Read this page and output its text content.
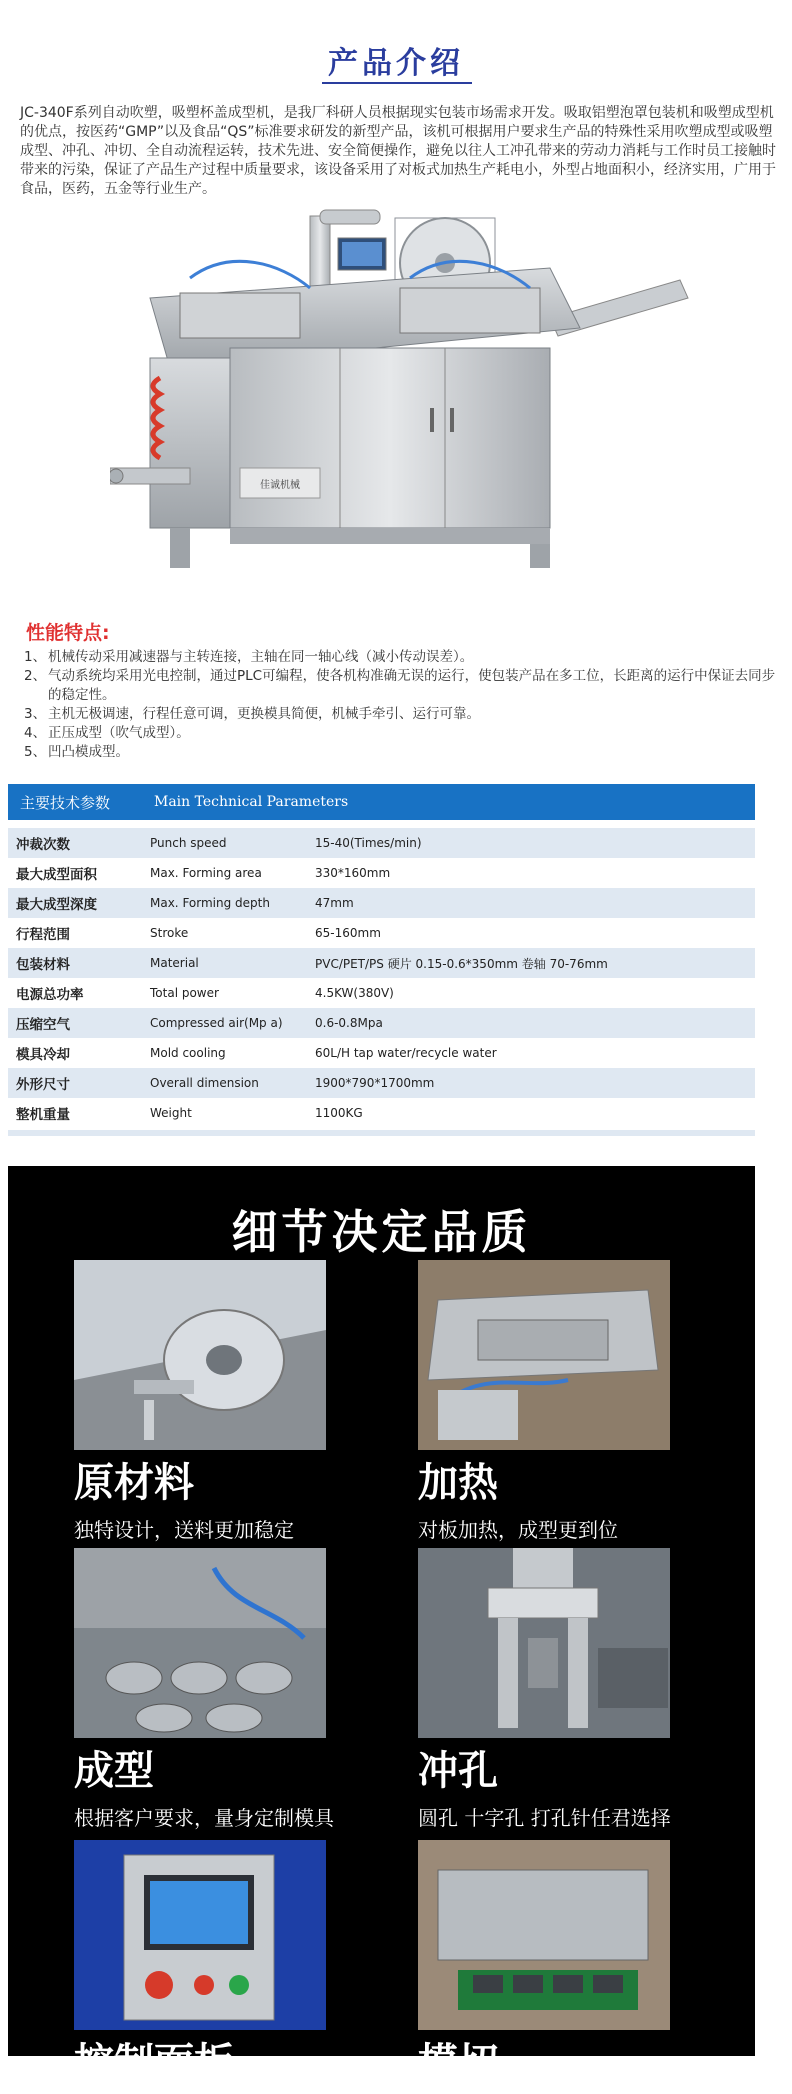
产品介绍
JC-340F系列自动吹塑，吸塑杯盖成型机，是我厂科研人员根据现实包装市场需求开发。吸取铝塑泡罩包装机和吸塑成型机的优点，按医药“GMP”以及食品“QS”标准要求研发的新型产品，该机可根据用户要求生产品的特殊性采用吹塑成型或吸塑成型、冲孔、冲切、全自动流程运转，技术先进、安全简便操作，避免以往人工冲孔带来的劳动力消耗与工作时员工接触时带来的污染，保证了产品生产过程中质量要求，该设备采用了对板式加热生产耗电小，外型占地面积小，经济实用，广用于食品，医药，五金等行业生产。
佳诚机械
性能特点:
1、 机械传动采用减速器与主转连接，主轴在同一轴心线（减小传动误差）。
2、 气动系统均采用光电控制，通过PLC可编程，使各机构准确无误的运行，使包装产品在多工位，长距离的运行中保证去同步的稳定性。
3、 主机无极调速，行程任意可调，更换模具简便，机械手牵引、运行可靠。
4、 正压成型（吹气成型）。
5、 凹凸模成型。
主要技术参数	Main Technical Parameters
冲裁次数	Punch speed	15-40(Times/min)
最大成型面积	Max. Forming area	330*160mm
最大成型深度	Max. Forming depth	47mm
行程范围	Stroke	65-160mm
包装材料	Material	PVC/PET/PS 硬片 0.15-0.6*350mm 卷轴 70-76mm
电源总功率	Total power	4.5KW(380V)
压缩空气	Compressed air(Mp a)	0.6-0.8Mpa
模具冷却	Mold cooling	60L/H tap water/recycle water
外形尺寸	Overall dimension	1900*790*1700mm
整机重量	Weight	1100KG
细节决定品质
原材料
独特设计，送料更加稳定
加热
对板加热，成型更到位
成型
根据客户要求，量身定制模具
冲孔
圆孔 十字孔 打孔针任君选择
控制面板	模切
